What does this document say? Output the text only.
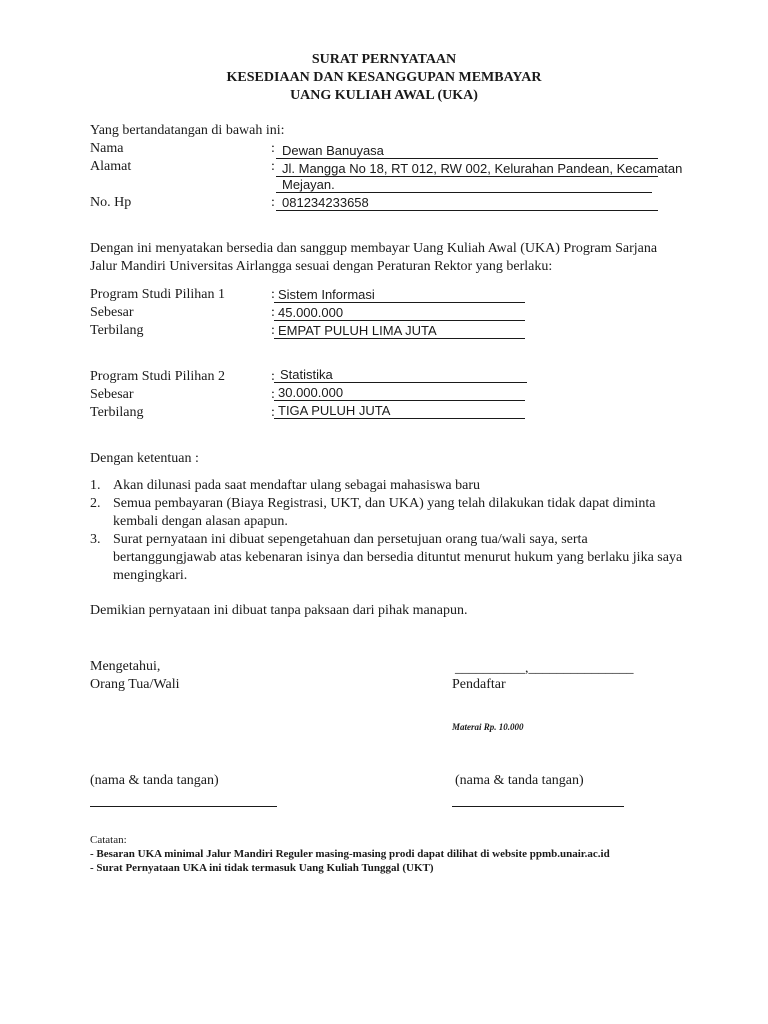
SURAT PERNYATAAN
KESEDIAAN DAN KESANGGUPAN MEMBAYAR
UANG KULIAH AWAL (UKA)
Yang bertandatangan di bawah ini:
Nama	: Dewan Banuyasa
Alamat	: Jl. Mangga No 18, RT 012, RW 002, Kelurahan Pandean, Kecamatan
Mejayan.
No. Hp	: 081234233658
Dengan ini menyatakan bersedia dan sanggup membayar Uang Kuliah Awal (UKA) Program Sarjana
Jalur Mandiri Universitas Airlangga sesuai dengan Peraturan Rektor yang berlaku:
Program Studi Pilihan 1	: Sistem Informasi
Sebesar	: 45.000.000
Terbilang	: EMPAT PULUH LIMA JUTA
Program Studi Pilihan 2	: Statistika
Sebesar	: 30.000.000
Terbilang	: TIGA PULUH JUTA
Dengan ketentuan :
1. Akan dilunasi pada saat mendaftar ulang sebagai mahasiswa baru
2. Semua pembayaran (Biaya Registrasi, UKT, dan UKA) yang telah dilakukan tidak dapat diminta
kembali dengan alasan apapun.
3. Surat pernyataan ini dibuat sepengetahuan dan persetujuan orang tua/wali saya, serta
bertanggungjawab atas kebenaran isinya dan bersedia dituntut menurut hukum yang berlaku jika saya
mengingkari.
Demikian pernyataan ini dibuat tanpa paksaan dari pihak manapun.
Mengetahui,
Orang Tua/Wali
__________,_______________
Pendaftar
Materai Rp. 10.000
(nama & tanda tangan)	(nama & tanda tangan)
Catatan:
- Besaran UKA minimal Jalur Mandiri Reguler masing-masing prodi dapat dilihat di website ppmb.unair.ac.id
- Surat Pernyataan UKA ini tidak termasuk Uang Kuliah Tunggal (UKT)
